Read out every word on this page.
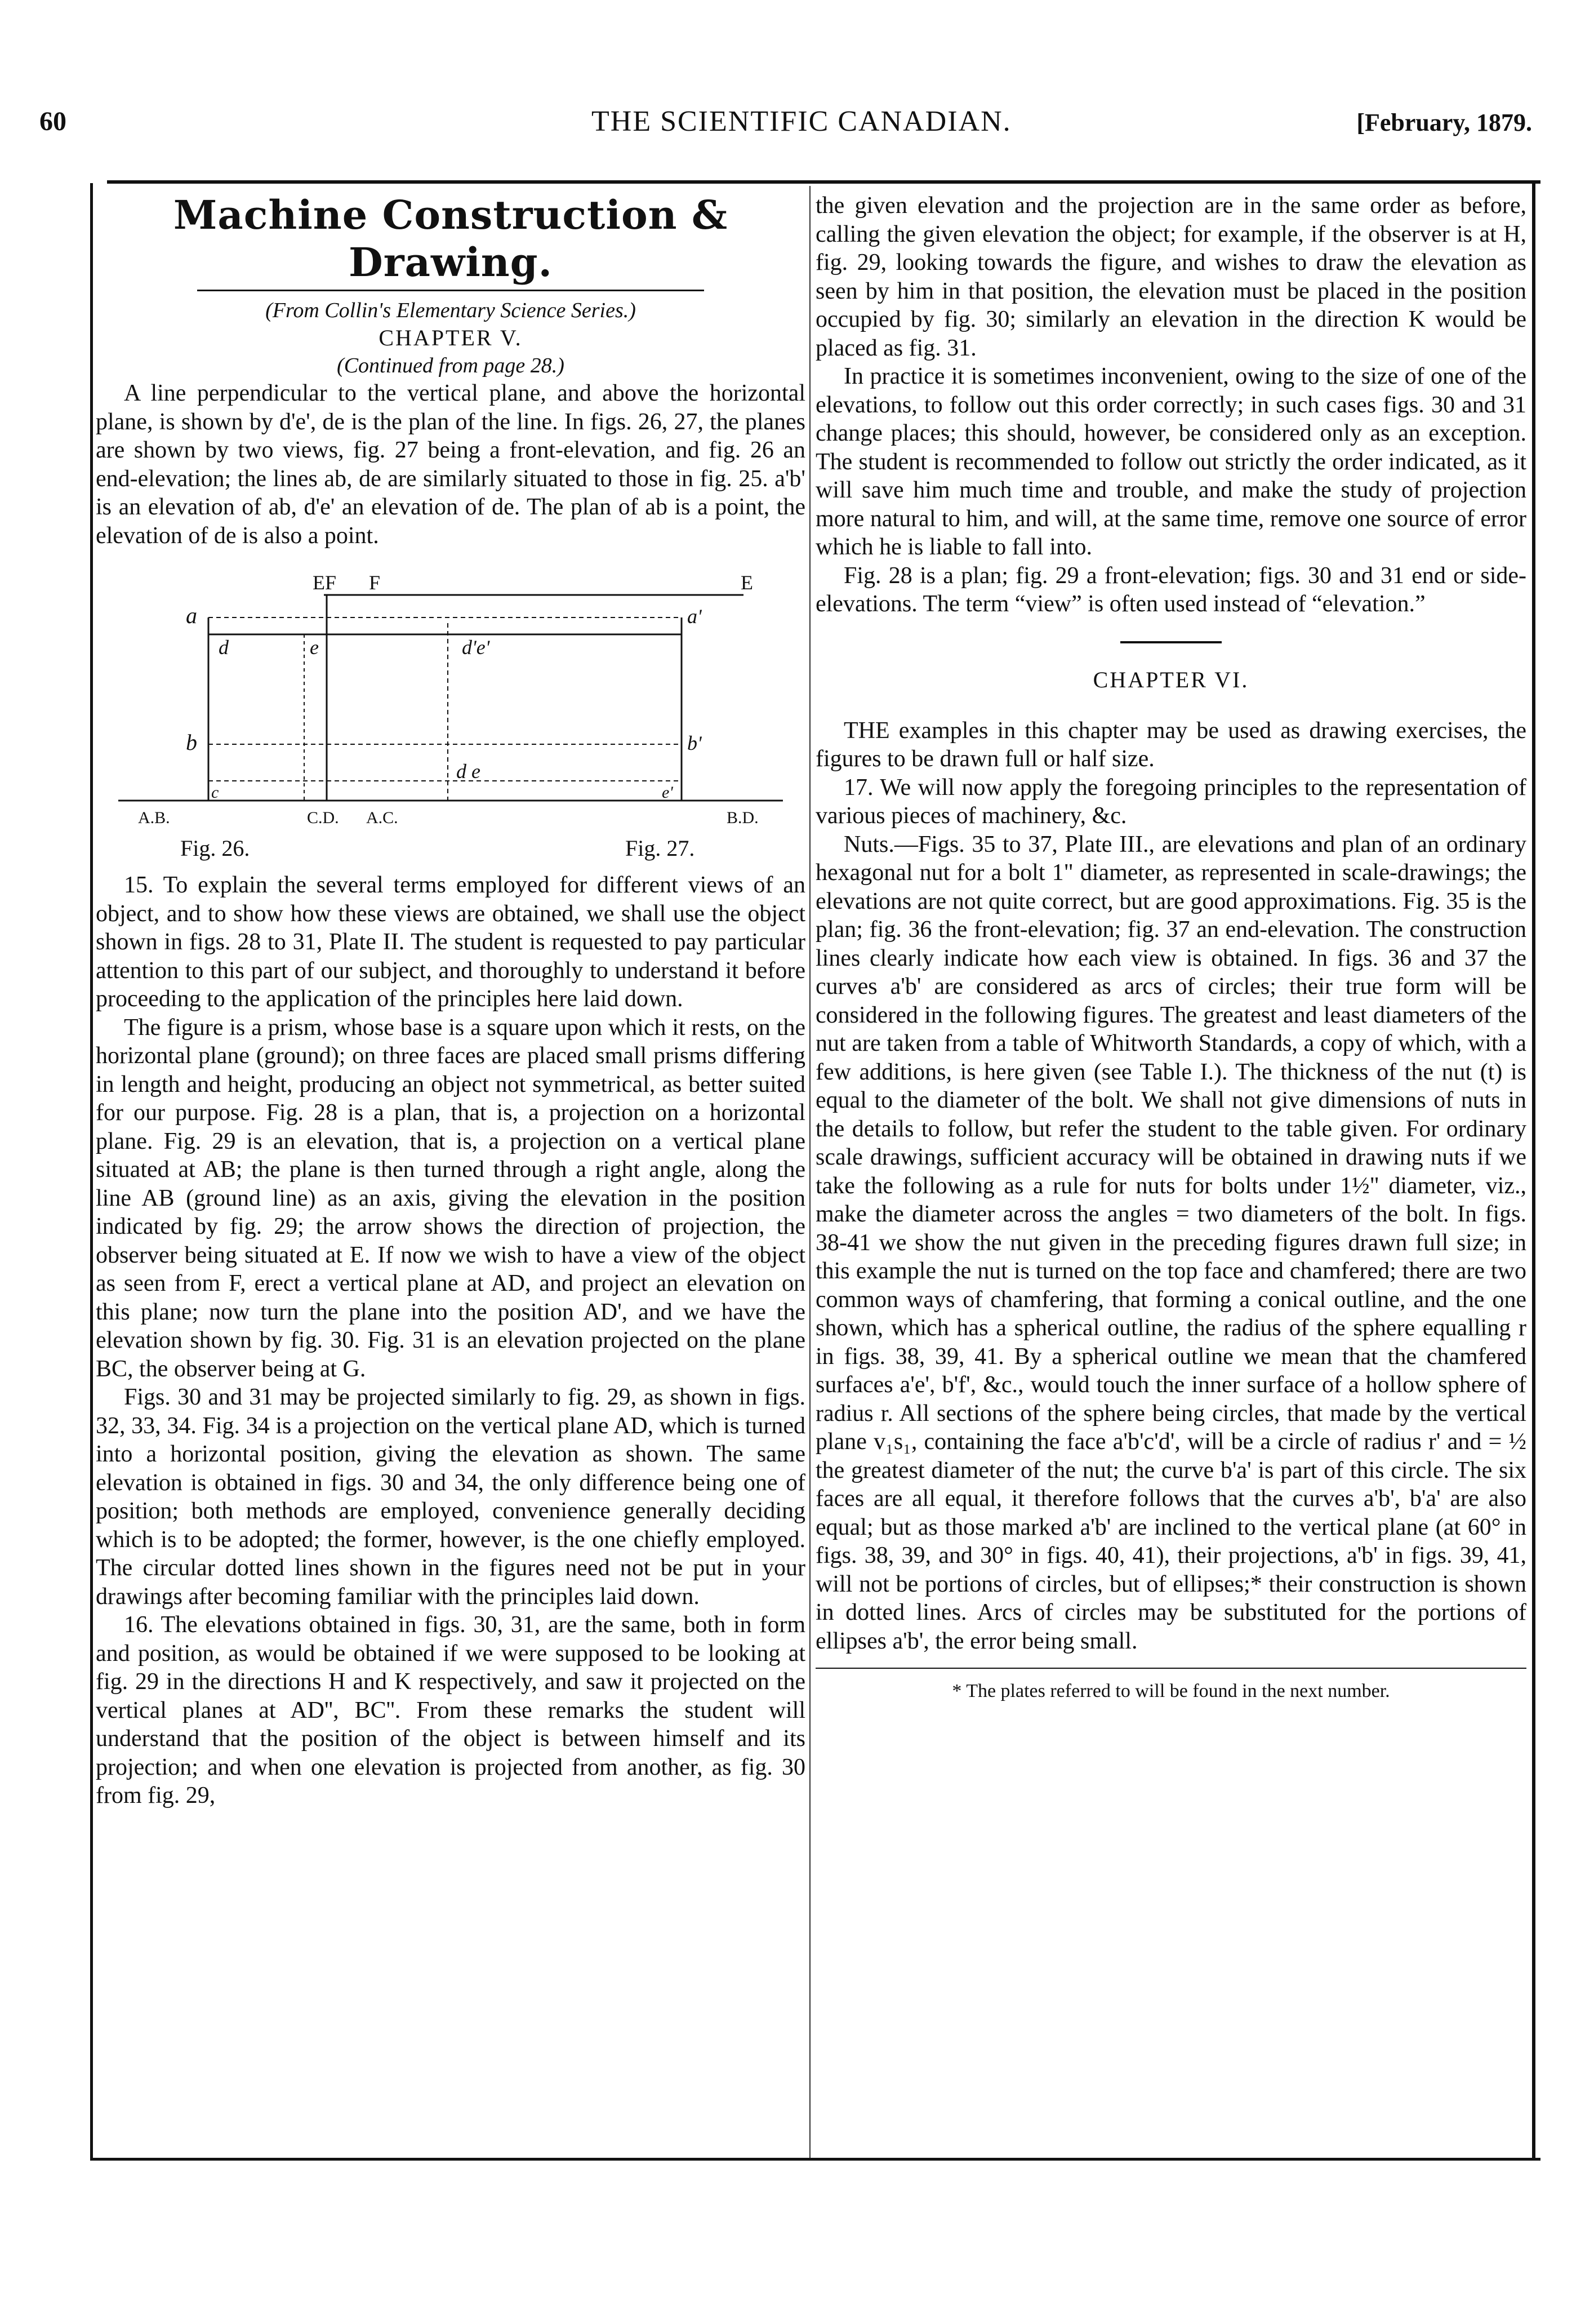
60	THE SCIENTIFIC CANADIAN.	[February, 1879.
Machine Construction & Drawing.
(From Collin's Elementary Science Series.)
CHAPTER V.
(Continued from page 28.)

A line perpendicular to the vertical plane, and above the horizontal plane, is shown by d'e', de is the plan of the line. In figs. 26, 27, the planes are shown by two views, fig. 27 being a front-elevation, and fig. 26 an end-elevation; the lines ab, de are similarly situated to those in fig. 25. a'b' is an elevation of ab, d'e' an elevation of de. The plan of ab is a point, the elevation of de is also a point.

EF F	E
a
d	e	d'e'
a'
b	b'
d e
c	e'
A.B.	C.D. A.C.	B.D.
Fig. 26.	Fig. 27.

15. To explain the several terms employed for different views of an object, and to show how these views are obtained, we shall use the object shown in figs. 28 to 31, Plate II. The student is requested to pay particular attention to this part of our subject, and thoroughly to understand it before proceeding to the application of the principles here laid down.

The figure is a prism, whose base is a square upon which it rests, on the horizontal plane (ground); on three faces are placed small prisms differing in length and height, producing an object not symmetrical, as better suited for our purpose. Fig. 28 is a plan, that is, a projection on a horizontal plane. Fig. 29 is an elevation, that is, a projection on a vertical plane situated at AB; the plane is then turned through a right angle, along the line AB (ground line) as an axis, giving the elevation in the position indicated by fig. 29; the arrow shows the direction of projection, the observer being situated at E. If now we wish to have a view of the object as seen from F, erect a vertical plane at AD, and project an elevation on this plane; now turn the plane into the position AD', and we have the elevation shown by fig. 30. Fig. 31 is an elevation projected on the plane BC, the observer being at G.

Figs. 30 and 31 may be projected similarly to fig. 29, as shown in figs. 32, 33, 34. Fig. 34 is a projection on the vertical plane AD, which is turned into a horizontal position, giving the elevation as shown. The same elevation is obtained in figs. 30 and 34, the only difference being one of position; both methods are employed, convenience generally deciding which is to be adopted; the former, however, is the one chiefly employed. The circular dotted lines shown in the figures need not be put in your drawings after becoming familiar with the principles laid down.

16. The elevations obtained in figs. 30, 31, are the same, both in form and position, as would be obtained if we were supposed to be looking at fig. 29 in the directions H and K respectively, and saw it projected on the vertical planes at AD'', BC''. From these remarks the student will understand that the position of the object is between himself and its projection; and when one elevation is projected from another, as fig. 30 from fig. 29,

the given elevation and the projection are in the same order as before, calling the given elevation the object; for example, if the observer is at H, fig. 29, looking towards the figure, and wishes to draw the elevation as seen by him in that position, the elevation must be placed in the position occupied by fig. 30; similarly an elevation in the direction K would be placed as fig. 31.

In practice it is sometimes inconvenient, owing to the size of one of the elevations, to follow out this order correctly; in such cases figs. 30 and 31 change places; this should, however, be considered only as an exception. The student is recommended to follow out strictly the order indicated, as it will save him much time and trouble, and make the study of projection more natural to him, and will, at the same time, remove one source of error which he is liable to fall into.

Fig. 28 is a plan; fig. 29 a front-elevation; figs. 30 and 31 end or side-elevations. The term “view” is often used instead of “elevation.”

CHAPTER VI.

THE examples in this chapter may be used as drawing exercises, the figures to be drawn full or half size.

17. We will now apply the foregoing principles to the representation of various pieces of machinery, &c.

Nuts.—Figs. 35 to 37, Plate III., are elevations and plan of an ordinary hexagonal nut for a bolt 1" diameter, as represented in scale-drawings; the elevations are not quite correct, but are good approximations. Fig. 35 is the plan; fig. 36 the front-elevation; fig. 37 an end-elevation. The construction lines clearly indicate how each view is obtained. In figs. 36 and 37 the curves a'b' are considered as arcs of circles; their true form will be considered in the following figures. The greatest and least diameters of the nut are taken from a table of Whitworth Standards, a copy of which, with a few additions, is here given (see Table I.). The thickness of the nut (t) is equal to the diameter of the bolt. We shall not give dimensions of nuts in the details to follow, but refer the student to the table given. For ordinary scale drawings, sufficient accuracy will be obtained in drawing nuts if we take the following as a rule for nuts for bolts under 1½" diameter, viz., make the diameter across the angles = two diameters of the bolt. In figs. 38-41 we show the nut given in the preceding figures drawn full size; in this example the nut is turned on the top face and chamfered; there are two common ways of chamfering, that forming a conical outline, and the one shown, which has a spherical outline, the radius of the sphere equalling r in figs. 38, 39, 41. By a spherical outline we mean that the chamfered surfaces a'e', b'f', &c., would touch the inner surface of a hollow sphere of radius r. All sections of the sphere being circles, that made by the vertical plane v₁s₁, containing the face a'b'c'd', will be a circle of radius r' and = ½ the greatest diameter of the nut; the curve b'a' is part of this circle. The six faces are all equal, it therefore follows that the curves a'b', b'a' are also equal; but as those marked a'b' are inclined to the vertical plane (at 60° in figs. 38, 39, and 30° in figs. 40, 41), their projections, a'b' in figs. 39, 41, will not be portions of circles, but of ellipses;* their construction is shown in dotted lines. Arcs of circles may be substituted for the portions of ellipses a'b', the error being small.

* The plates referred to will be found in the next number.
